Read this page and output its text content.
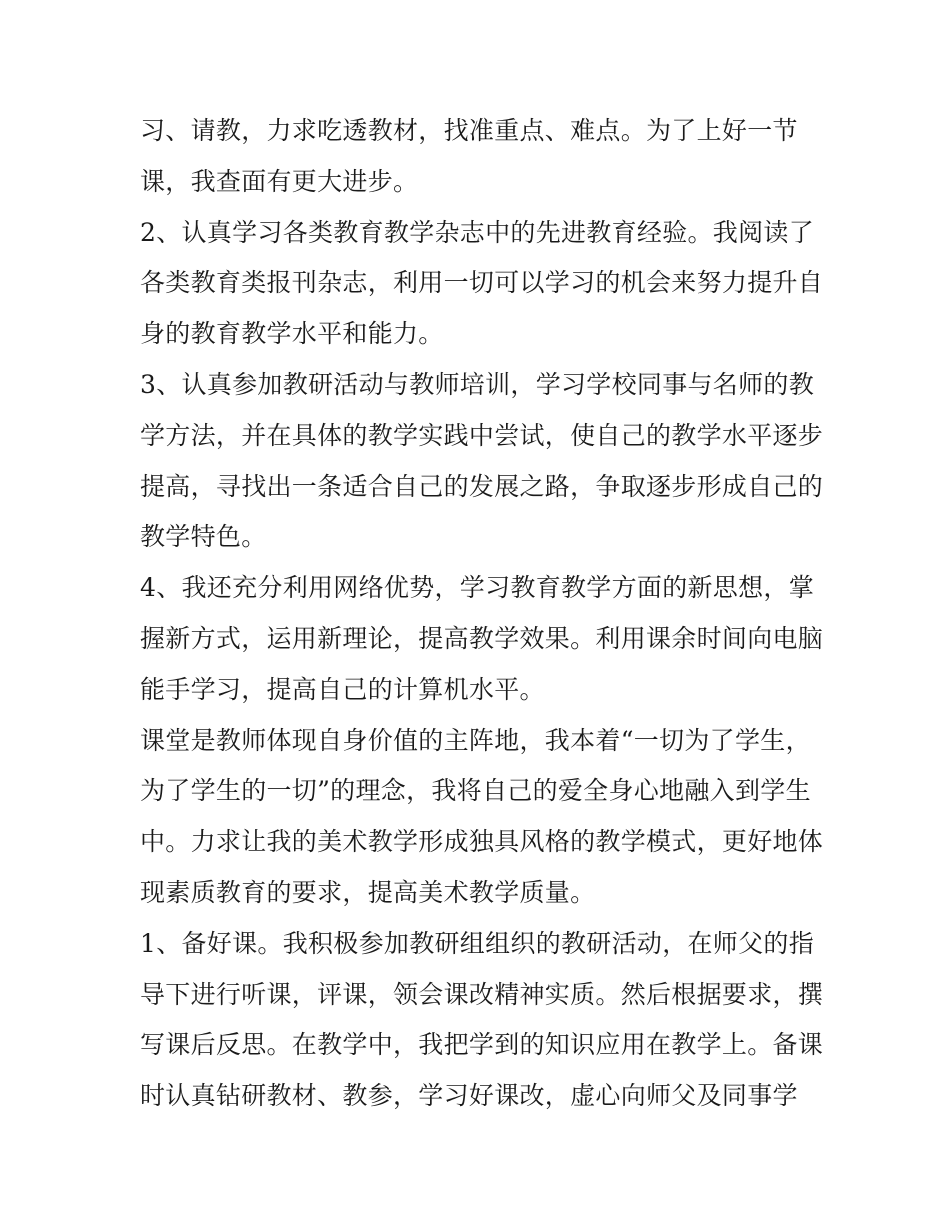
习、请教，力求吃透教材，找准重点、难点。为了上好一节
课，我查面有更大进步。
2、认真学习各类教育教学杂志中的先进教育经验。我阅读了
各类教育类报刊杂志，利用一切可以学习的机会来努力提升自
身的教育教学水平和能力。
3、认真参加教研活动与教师培训，学习学校同事与名师的教
学方法，并在具体的教学实践中尝试，使自己的教学水平逐步
提高，寻找出一条适合自己的发展之路，争取逐步形成自己的
教学特色。
4、我还充分利用网络优势，学习教育教学方面的新思想，掌
握新方式，运用新理论，提高教学效果。利用课余时间向电脑
能手学习，提高自己的计算机水平。
课堂是教师体现自身价值的主阵地，我本着“一切为了学生，
为了学生的一切”的理念，我将自己的爱全身心地融入到学生
中。力求让我的美术教学形成独具风格的教学模式，更好地体
现素质教育的要求，提高美术教学质量。
1、备好课。我积极参加教研组组织的教研活动，在师父的指
导下进行听课，评课，领会课改精神实质。然后根据要求，撰
写课后反思。在教学中，我把学到的知识应用在教学上。备课
时认真钻研教材、教参，学习好课改，虚心向师父及同事学
